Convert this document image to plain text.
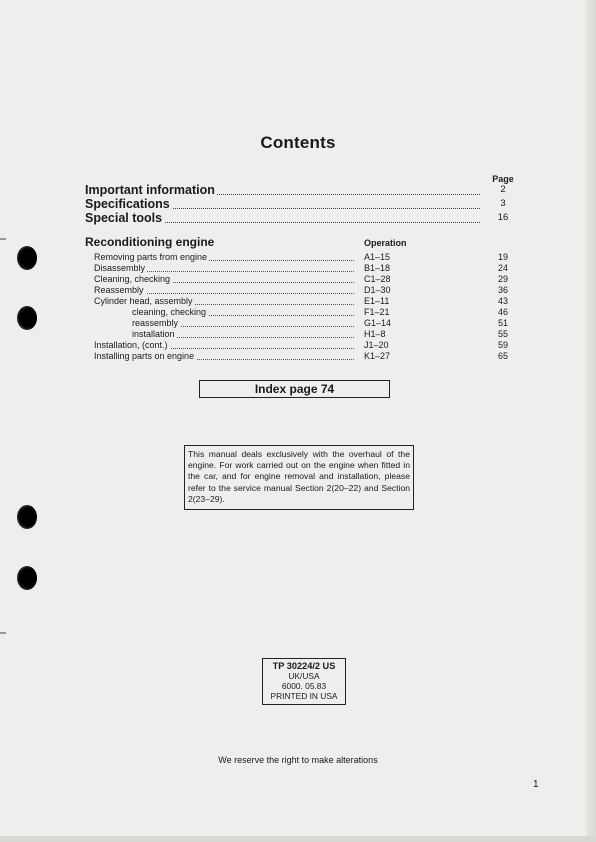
Contents
Page
Important information	2
Specifications	3
Special tools	16
Reconditioning engine	Operation
Removing parts from engine	A1–15	19
Disassembly	B1–18	24
Cleaning, checking	C1–28	29
Reassembly	D1–30	36
Cylinder head, assembly	E1–11	43
cleaning, checking	F1–21	46
reassembly	G1–14	51
installation	H1–8	55
Installation, (cont.)	J1–20	59
Installing parts on engine	K1–27	65
Index page 74
This manual deals exclusively with the overhaul of the engine. For work carried out on the engine when fitted in the car, and for engine removal and installation, please refer to the service manual Section 2(20–22) and Section 2(23–29).
TP 30224/2 US
UK/USA
6000. 05.83
PRINTED IN USA
We reserve the right to make alterations
1
